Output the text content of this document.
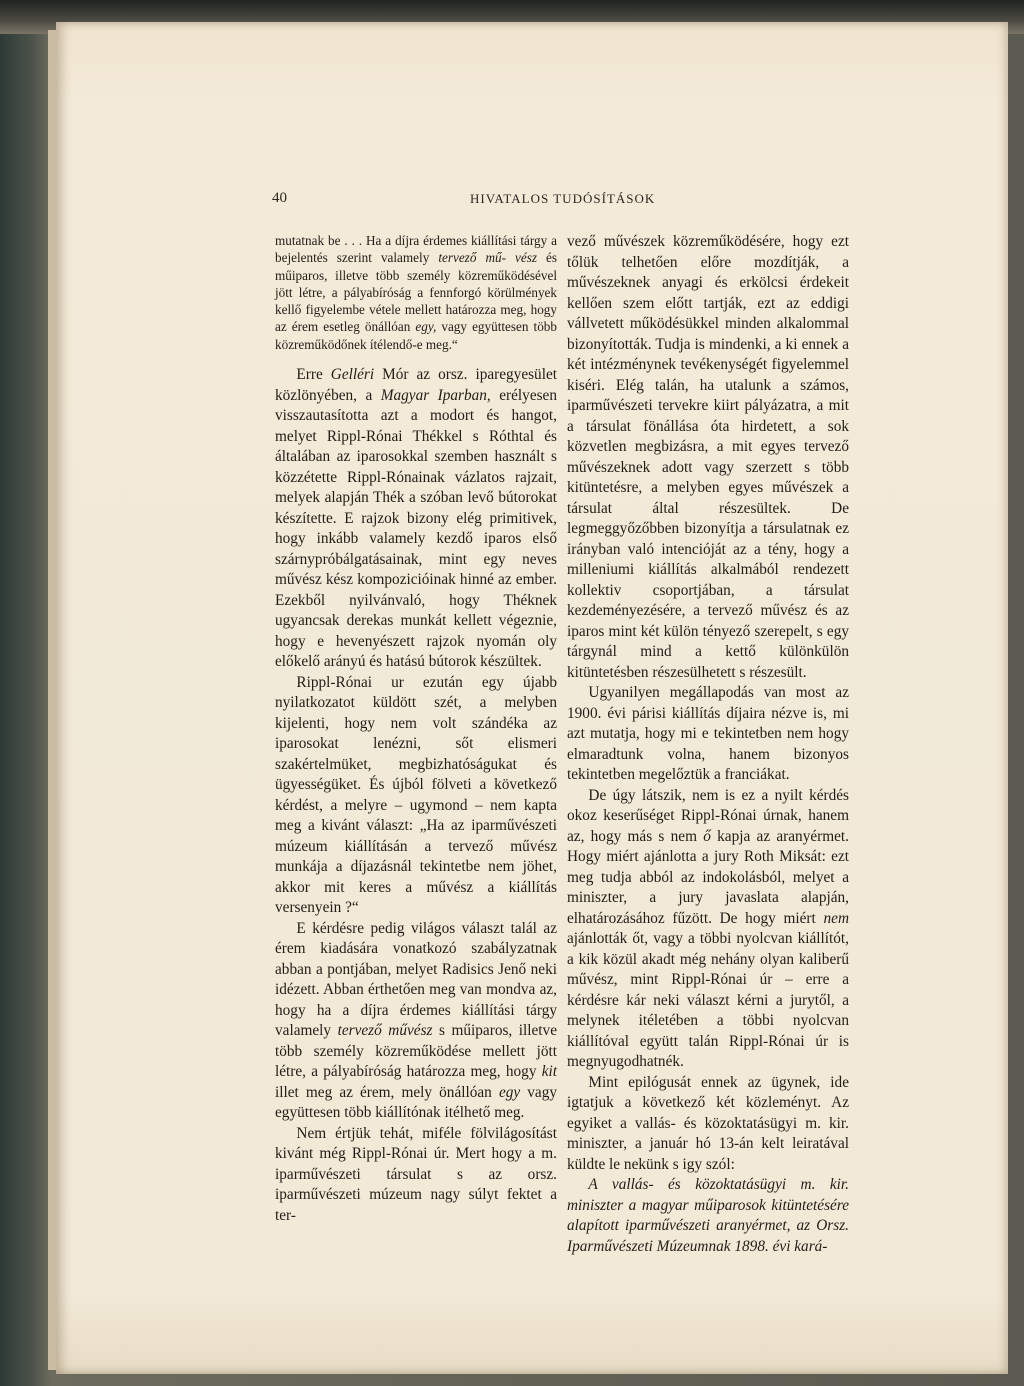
40	HIVATALOS TUDÓSÍTÁSOK

mutatnak be . . . Ha a díjra érdemes kiállítási tárgy a bejelentés szerint valamely tervező mű- vész és műiparos, illetve több személy közreműködésével jött létre, a pályabíróság a fennforgó körülmények kellő figyelembe vétele mellett határozza meg, hogy az érem esetleg önállóan egy, vagy együttesen több közreműködőnek ítélendő-e meg.“

Erre Gelléri Mór az orsz. iparegyesület közlönyében, a Magyar Iparban, erélyesen visszautasította azt a modort és hangot, melyet Rippl-Rónai Thékkel s Róthtal és általában az iparosokkal szemben használt s közzétette Rippl-Rónainak vázlatos rajzait, melyek alapján Thék a szóban levő bútorokat készítette. E rajzok bizony elég primitivek, hogy inkább valamely kezdő iparos első szárnypróbálgatásainak, mint egy neves művész kész kompozicióinak hinné az ember. Ezekből nyilvánvaló, hogy Théknek ugyancsak derekas munkát kellett végeznie, hogy e hevenyészett rajzok nyomán oly előkelő arányú és hatású bútorok készültek.

Rippl-Rónai ur ezután egy újabb nyilatkozatot küldött szét, a melyben kijelenti, hogy nem volt szándéka az iparosokat lenézni, sőt elismeri szakértelmüket, megbizhatóságukat és ügyességüket. És újból fölveti a következő kérdést, a melyre – ugymond – nem kapta meg a kivánt választ: „Ha az iparművészeti múzeum kiállításán a tervező művész munkája a díjazásnál tekintetbe nem jöhet, akkor mit keres a művész a kiállítás versenyein ?“

E kérdésre pedig világos választ talál az érem kiadására vonatkozó szabályzatnak abban a pontjában, melyet Radisics Jenő neki idézett. Abban érthetően meg van mondva az, hogy ha a díjra érdemes kiállítási tárgy valamely tervező művész s műiparos, illetve több személy közreműködése mellett jött létre, a pályabíróság határozza meg, hogy kit illet meg az érem, mely önállóan egy vagy együttesen több kiállítónak itélhető meg.

Nem értjük tehát, miféle fölvilágosítást kivánt még Rippl-Rónai úr. Mert hogy a m. iparművészeti társulat s az orsz. iparművészeti múzeum nagy súlyt fektet a ter-

vező művészek közreműködésére, hogy ezt tőlük telhetően előre mozdítják, a művészeknek anyagi és erkölcsi érdekeit kellően szem előtt tartják, ezt az eddigi vállvetett működésükkel minden alkalommal bizonyították. Tudja is mindenki, a ki ennek a két intézménynek tevékenységét figyelemmel kiséri. Elég talán, ha utalunk a számos, iparművészeti tervekre kiirt pályázatra, a mit a társulat fönállása óta hirdetett, a sok közvetlen megbizásra, a mit egyes tervező művészeknek adott vagy szerzett s több kitüntetésre, a melyben egyes művészek a társulat által részesültek. De legmeggyőzőbben bizonyítja a társulatnak ez irányban való intencióját az a tény, hogy a milleniumi kiállítás alkalmából rendezett kollektiv csoportjában, a társulat kezdeményezésére, a tervező művész és az iparos mint két külön tényező szerepelt, s egy tárgynál mind a kettő különkülön kitüntetésben részesülhetett s részesült.

Ugyanilyen megállapodás van most az 1900. évi párisi kiállítás díjaira nézve is, mi azt mutatja, hogy mi e tekintetben nem hogy elmaradtunk volna, hanem bizonyos tekintetben megelőztük a franciákat.

De úgy látszik, nem is ez a nyilt kérdés okoz keserűséget Rippl-Rónai úrnak, hanem az, hogy más s nem ő kapja az aranyérmet. Hogy miért ajánlotta a jury Roth Miksát: ezt meg tudja abból az indokolásból, melyet a miniszter, a jury javaslata alapján, elhatározásához fűzött. De hogy miért nem ajánlották őt, vagy a többi nyolcvan kiállítót, a kik közül akadt még nehány olyan kaliberű művész, mint Rippl-Rónai úr – erre a kérdésre kár neki választ kérni a jurytől, a melynek itéletében a többi nyolcvan kiállítóval együtt talán Rippl-Rónai úr is megnyugodhatnék.

Mint epilógusát ennek az ügynek, ide igtatjuk a következő két közleményt. Az egyiket a vallás- és közoktatásügyi m. kir. miniszter, a január hó 13-án kelt leiratával küldte le nekünk s igy szól:

A vallás- és közoktatásügyi m. kir. miniszter a magyar műiparosok kitüntetésére alapított iparművészeti aranyérmet, az Orsz. Iparművészeti Múzeumnak 1898. évi kará-
